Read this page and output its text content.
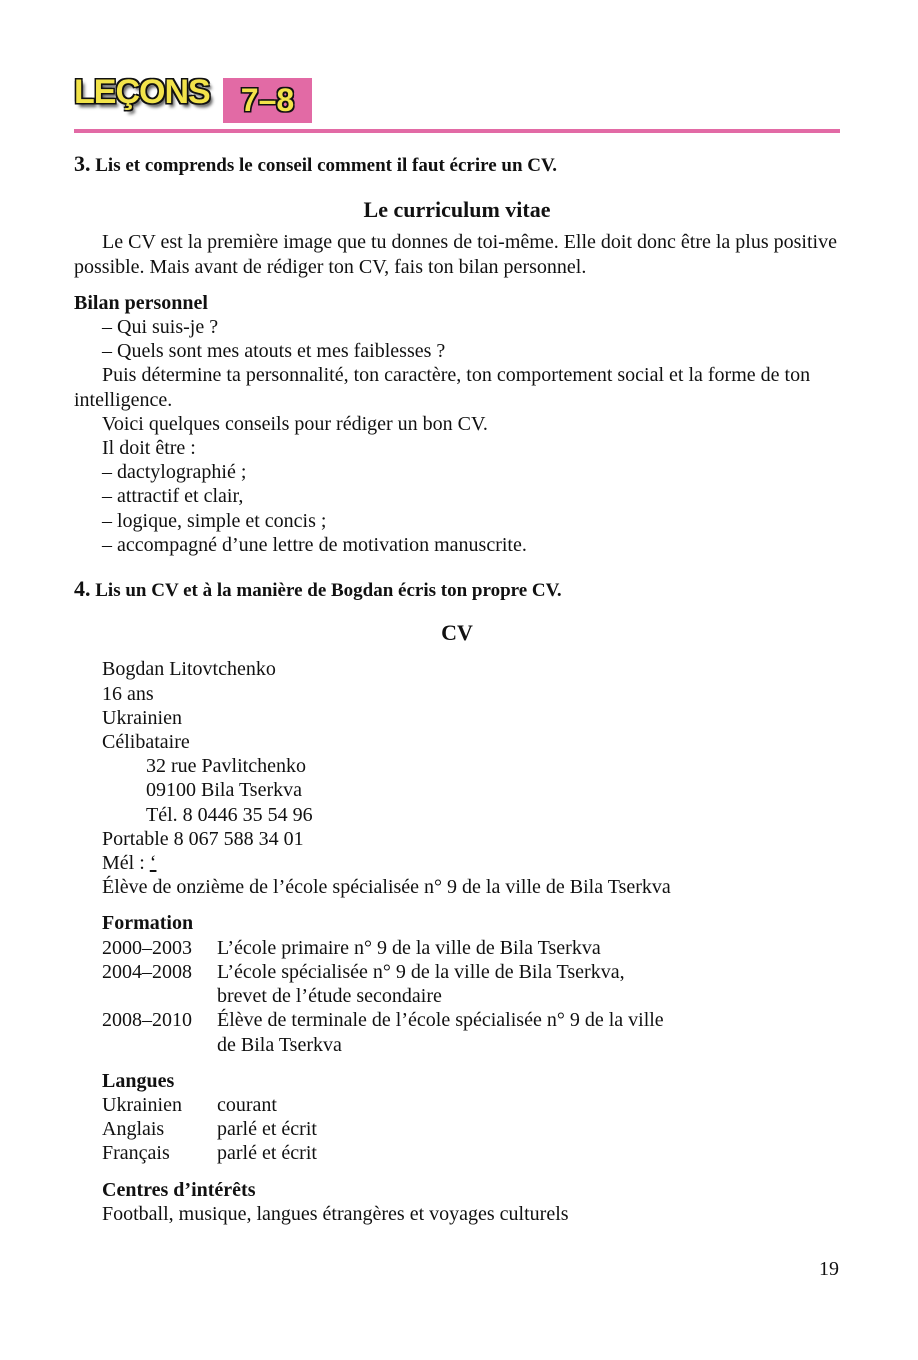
LEÇONS 7–8
3. Lis et comprends le conseil comment il faut écrire un CV.
Le curriculum vitae
Le CV est la première image que tu donnes de toi-même. Elle doit donc être la plus positive possible. Mais avant de rédiger ton CV, fais ton bilan personnel.
Bilan personnel
– Qui suis-je ?
– Quels sont mes atouts et mes faiblesses ?
Puis détermine ta personnalité, ton caractère, ton comportement social et la forme de ton intelligence.
Voici quelques conseils pour rédiger un bon CV.
Il doit être :
– dactylographié ;
– attractif et clair,
– logique, simple et concis ;
– accompagné d’une lettre de motivation manuscrite.
4. Lis un CV et à la manière de Bogdan écris ton propre CV.
CV
Bogdan Litovtchenko
16 ans
Ukrainien
Célibataire
32 rue Pavlitchenko
09100 Bila Tserkva
Tél. 8 0446 35 54 96
Portable 8 067 588 34 01
Mél : ‘
Élève de onzième de l’école spécialisée n° 9 de la ville de Bila Tserkva
Formation
2000–2003	L’école primaire n° 9 de la ville de Bila Tserkva
2004–2008	L’école spécialisée n° 9 de la ville de Bila Tserkva,
brevet de l’étude secondaire
2008–2010	Élève de terminale de l’école spécialisée n° 9 de la ville
de Bila Tserkva
Langues
Ukrainien	courant
Anglais	parlé et écrit
Français	parlé et écrit
Centres d’intérêts
Football, musique, langues étrangères et voyages culturels
19
